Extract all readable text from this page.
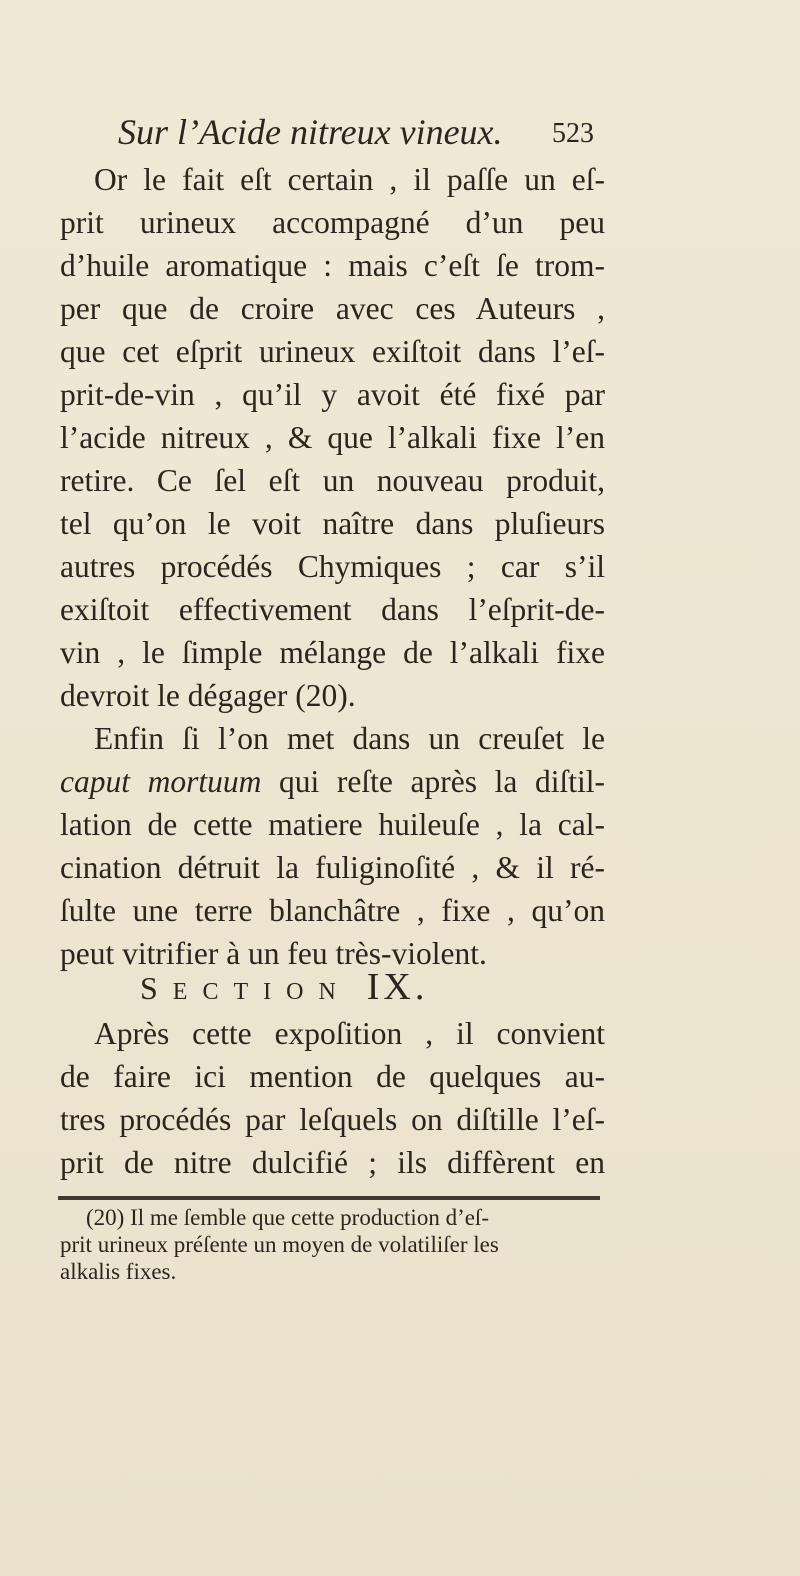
Sur l’Acide nitreux vineux.	523
Or le fait eſt certain , il paſſe un eſ-
prit urineux accompagné d’un peu
d’huile aromatique : mais c’eſt ſe trom-
per que de croire avec ces Auteurs ,
que cet eſprit urineux exiſtoit dans l’eſ-
prit-de-vin , qu’il y avoit été fixé par
l’acide nitreux , & que l’alkali fixe l’en
retire. Ce ſel eſt un nouveau produit,
tel qu’on le voit naître dans pluſieurs
autres procédés Chymiques ; car s’il
exiſtoit effectivement dans l’eſprit-de-
vin , le ſimple mélange de l’alkali fixe
devroit le dégager (20).
Enfin ſi l’on met dans un creuſet le
caput mortuum qui reſte après la diſtil-
lation de cette matiere huileuſe , la cal-
cination détruit la fuliginoſité , & il ré-
ſulte une terre blanchâtre , fixe , qu’on
peut vitrifier à un feu très-violent.
SECTION IX.
Après cette expoſition , il convient
de faire ici mention de quelques au-
tres procédés par leſquels on diſtille l’eſ-
prit de nitre dulcifié ; ils diffèrent en
(20) Il me ſemble que cette production d’eſ-
prit urineux préſente un moyen de volatiliſer les
alkalis fixes.
